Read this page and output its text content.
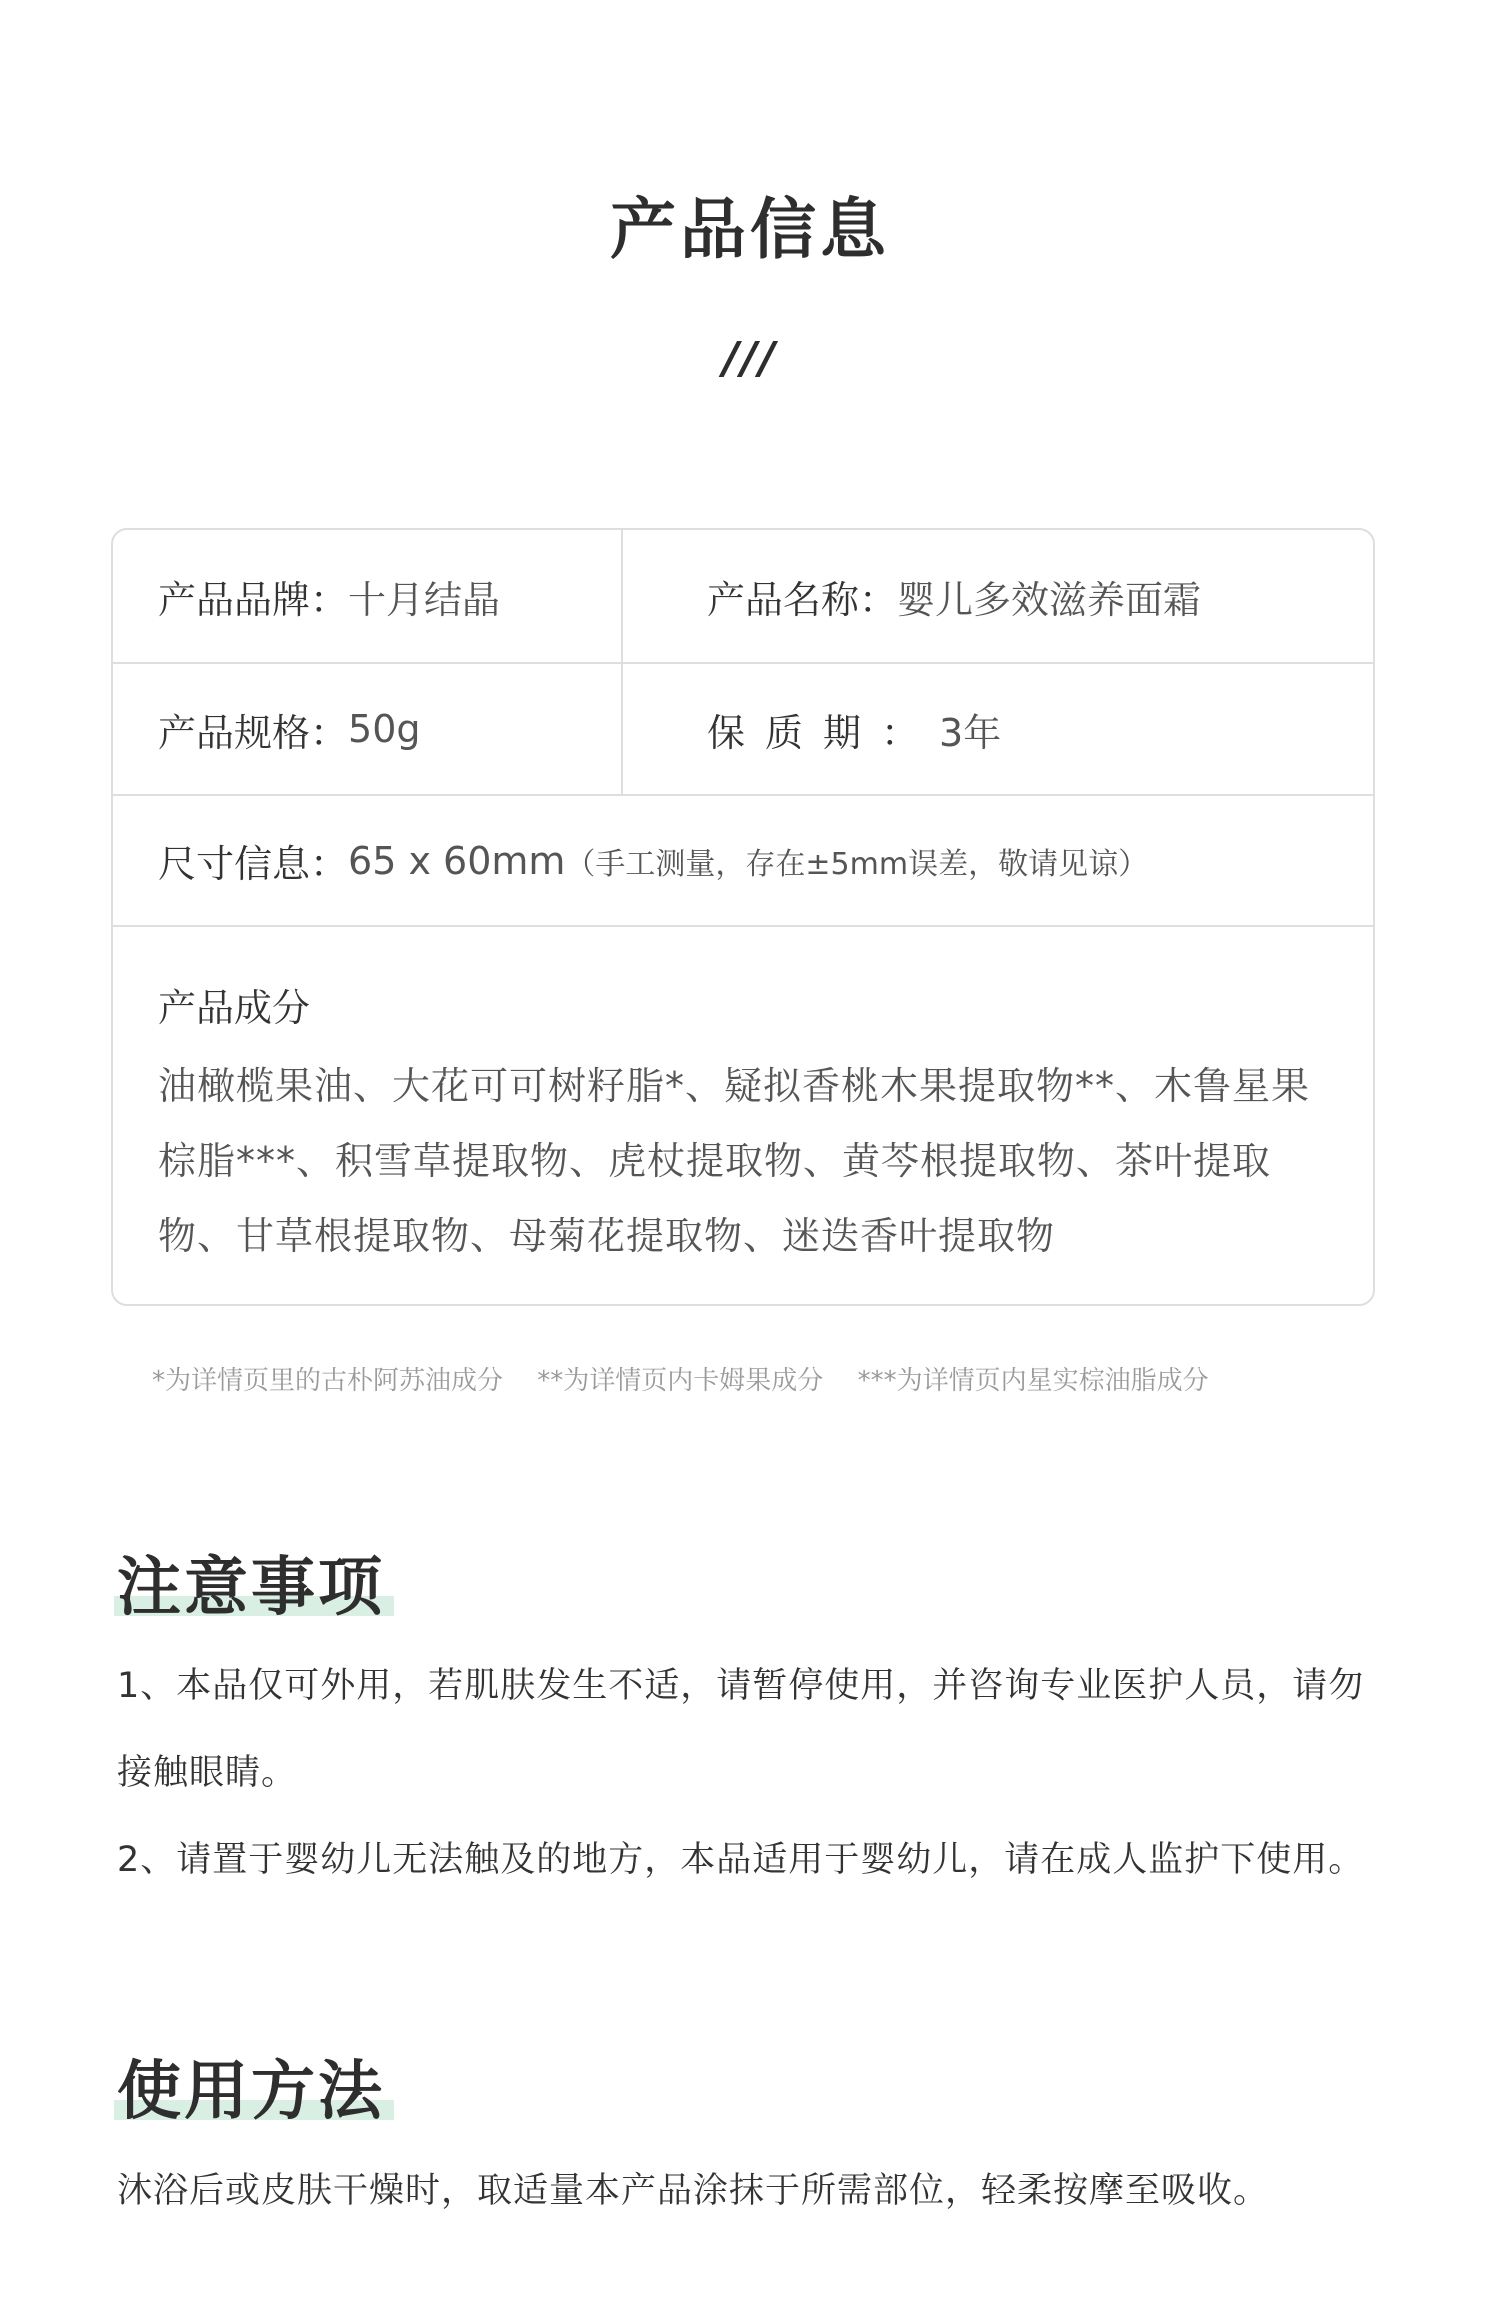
产品信息
///
产品品牌： 十月结晶	产品名称： 婴儿多效滋养面霜
产品规格： 50g	保质期： 3年
尺寸信息： 65 x 60mm （手工测量，存在±5mm误差，敬请见谅）
产品成分
油橄榄果油、大花可可树籽脂*、疑拟香桃木果提取物**、木鲁星果棕脂***、积雪草提取物、虎杖提取物、黄芩根提取物、茶叶提取物、甘草根提取物、母菊花提取物、迷迭香叶提取物
*为详情页里的古朴阿苏油成分 **为详情页内卡姆果成分 ***为详情页内星实棕油脂成分
注意事项
1、本品仅可外用，若肌肤发生不适，请暂停使用，并咨询专业医护人员，请勿接触眼睛。
2、请置于婴幼儿无法触及的地方，本品适用于婴幼儿，请在成人监护下使用。
使用方法
沐浴后或皮肤干燥时，取适量本产品涂抹于所需部位，轻柔按摩至吸收。
